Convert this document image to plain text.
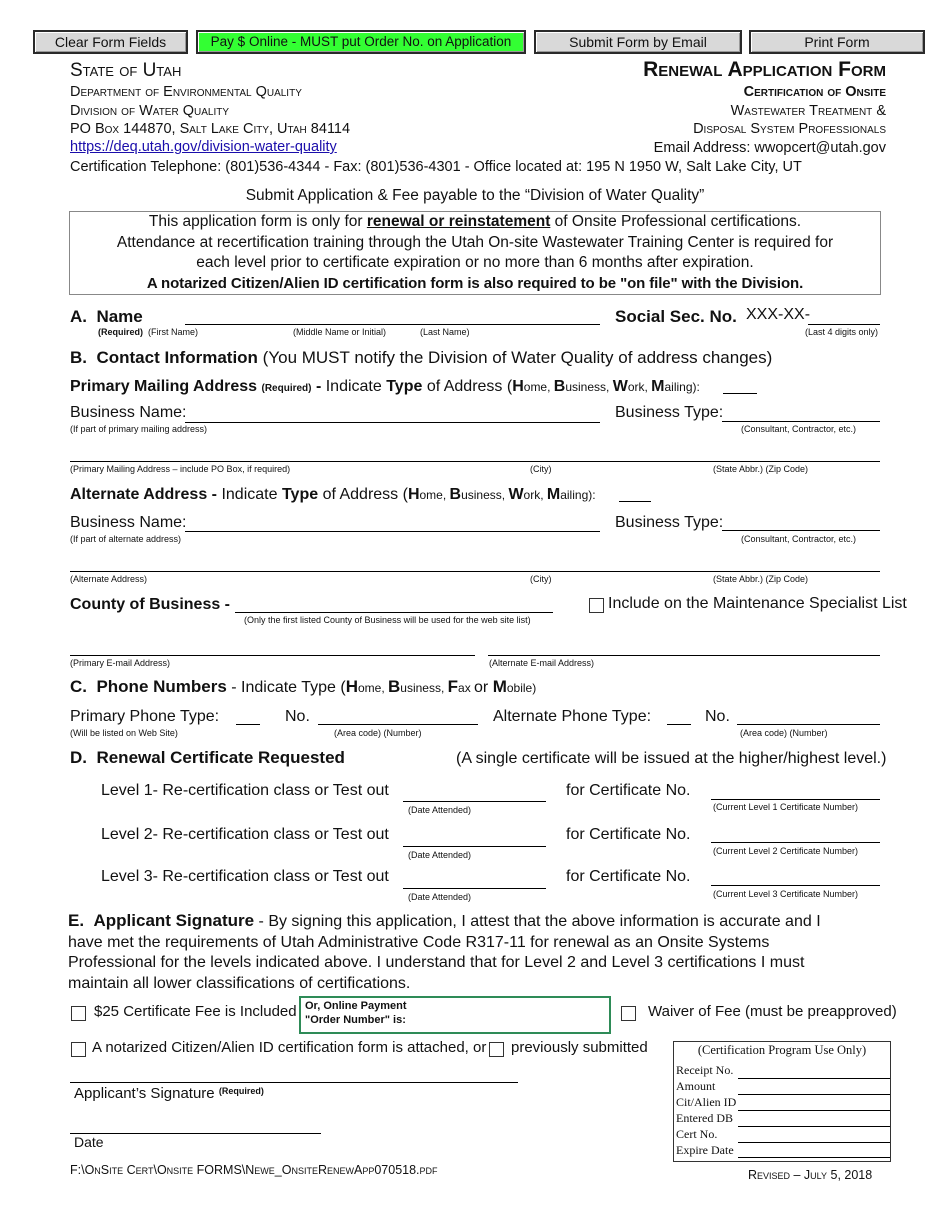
Clear Form Fields	Pay $ Online - MUST put Order No. on Application	Submit Form by Email	Print Form
State of Utah
Department of Environmental Quality
Division of Water Quality
PO Box 144870, Salt Lake City, Utah 84114
https://deq.utah.gov/division-water-quality
Certification Telephone: (801)536-4344 - Fax: (801)536-4301 - Office located at: 195 N 1950 W, Salt Lake City, UT
Renewal Application Form
Certification of Onsite
Wastewater Treatment &
Disposal System Professionals
Email Address: wwopcert@utah.gov
Submit Application & Fee payable to the “Division of Water Quality”
This application form is only for renewal or reinstatement of Onsite Professional certifications.
Attendance at recertification training through the Utah On-site Wastewater Training Center is required for
each level prior to certificate expiration or no more than 6 months after expiration.
A notarized Citizen/Alien ID certification form is also required to be "on file" with the Division.
A.  Name
(Required) (First Name)	(Middle Name or Initial)	(Last Name)
Social Sec. No. XXX-XX-
(Last 4 digits only)
B.  Contact Information (You MUST notify the Division of Water Quality of address changes)
Primary Mailing Address (Required) - Indicate Type of Address (Home, Business, Work, Mailing):
Business Name:
(If part of primary mailing address)
Business Type:
(Consultant, Contractor, etc.)
(Primary Mailing Address – include PO Box, if required)	(City)	(State Abbr.) (Zip Code)
Alternate Address - Indicate Type of Address (Home, Business, Work, Mailing):
Business Name:
(If part of alternate address)
Business Type:
(Consultant, Contractor, etc.)
(Alternate Address)	(City)	(State Abbr.) (Zip Code)
County of Business -
(Only the first listed County of Business will be used for the web site list)
Include on the Maintenance Specialist List
(Primary E-mail Address)	(Alternate E-mail Address)
C.  Phone Numbers - Indicate Type (Home, Business, Fax or Mobile)
Primary Phone Type:	No.
(Will be listed on Web Site)	(Area code) (Number)
Alternate Phone Type:	No.
(Area code) (Number)
D.  Renewal Certificate Requested	(A single certificate will be issued at the higher/highest level.)
Level 1- Re-certification class or Test out
(Date Attended)
for Certificate No.
(Current Level 1 Certificate Number)
Level 2- Re-certification class or Test out
(Date Attended)
for Certificate No.
(Current Level 2 Certificate Number)
Level 3- Re-certification class or Test out
(Date Attended)
for Certificate No.
(Current Level 3 Certificate Number)
E.  Applicant Signature - By signing this application, I attest that the above information is accurate and I
have met the requirements of Utah Administrative Code R317-11 for renewal as an Onsite Systems
Professional for the levels indicated above. I understand that for Level 2 and Level 3 certifications I must
maintain all lower classifications of certifications.
$25 Certificate Fee is Included Or, Online Payment
"Order Number" is:	Waiver of Fee (must be preapproved)
A notarized Citizen/Alien ID certification form is attached, or previously submitted
Applicant’s Signature $^{(Required)}$
Date
(Certification Program Use Only)
Receipt No.
Amount
Cit/Alien ID
Entered DB
Cert No.
Expire Date
F:\OnSite Cert\Onsite FORMS\Newe_OnsiteRenewApp070518.pdf	Revised – July 5, 2018
